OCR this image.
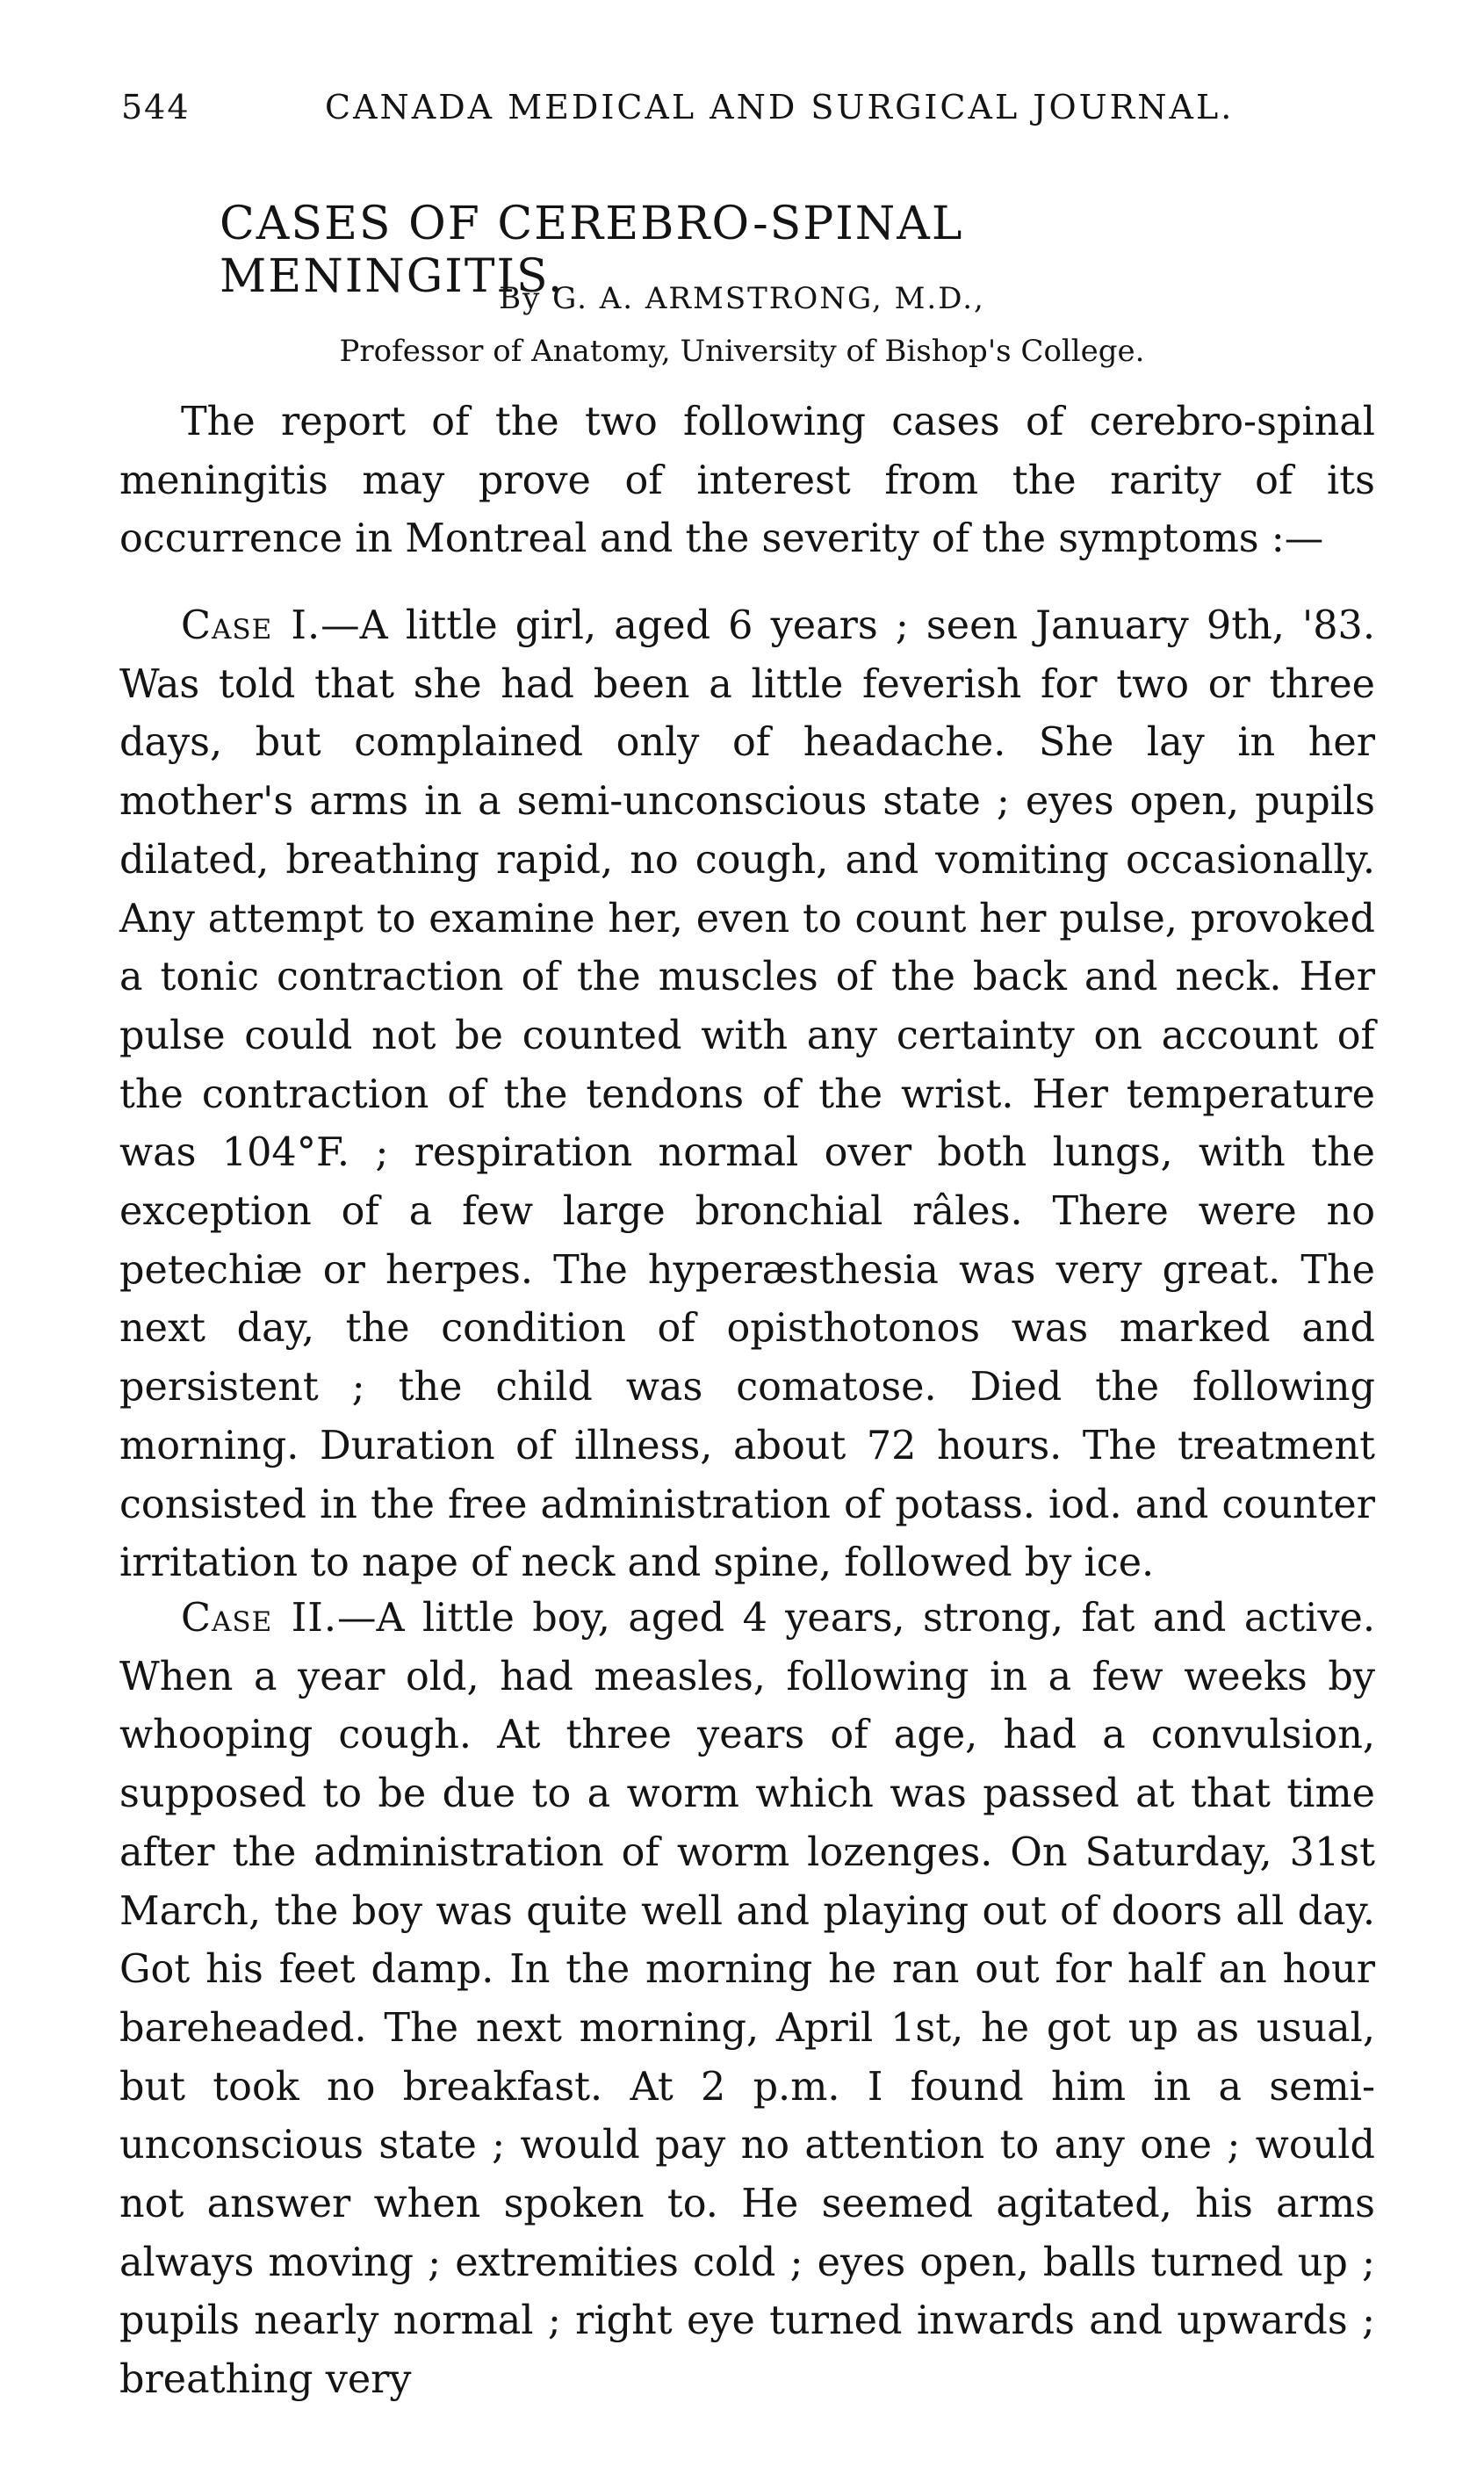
544	CANADA MEDICAL AND SURGICAL JOURNAL.
CASES OF CEREBRO-SPINAL MENINGITIS.
By G. A. ARMSTRONG, M.D.,
Professor of Anatomy, University of Bishop's College.

The report of the two following cases of cerebro-spinal meningitis may prove of interest from the rarity of its occurrence in Montreal and the severity of the symptoms :—

Case I.—A little girl, aged 6 years ; seen January 9th, '83. Was told that she had been a little feverish for two or three days, but complained only of headache. She lay in her mother's arms in a semi-unconscious state ; eyes open, pupils dilated, breathing rapid, no cough, and vomiting occasionally. Any attempt to examine her, even to count her pulse, provoked a tonic contraction of the muscles of the back and neck. Her pulse could not be counted with any certainty on account of the contraction of the tendons of the wrist. Her temperature was 104°F. ; respiration normal over both lungs, with the exception of a few large bronchial râles. There were no petechiæ or herpes. The hyperæsthesia was very great. The next day, the condition of opisthotonos was marked and persistent ; the child was comatose. Died the following morning. Duration of illness, about 72 hours. The treatment consisted in the free administration of potass. iod. and counter irritation to nape of neck and spine, followed by ice.

Case II.—A little boy, aged 4 years, strong, fat and active. When a year old, had measles, following in a few weeks by whooping cough. At three years of age, had a convulsion, supposed to be due to a worm which was passed at that time after the administration of worm lozenges. On Saturday, 31st March, the boy was quite well and playing out of doors all day. Got his feet damp. In the morning he ran out for half an hour bareheaded. The next morning, April 1st, he got up as usual, but took no breakfast. At 2 p.m. I found him in a semi-unconscious state ; would pay no attention to any one ; would not answer when spoken to. He seemed agitated, his arms always moving ; extremities cold ; eyes open, balls turned up ; pupils nearly normal ; right eye turned inwards and upwards ; breathing very
